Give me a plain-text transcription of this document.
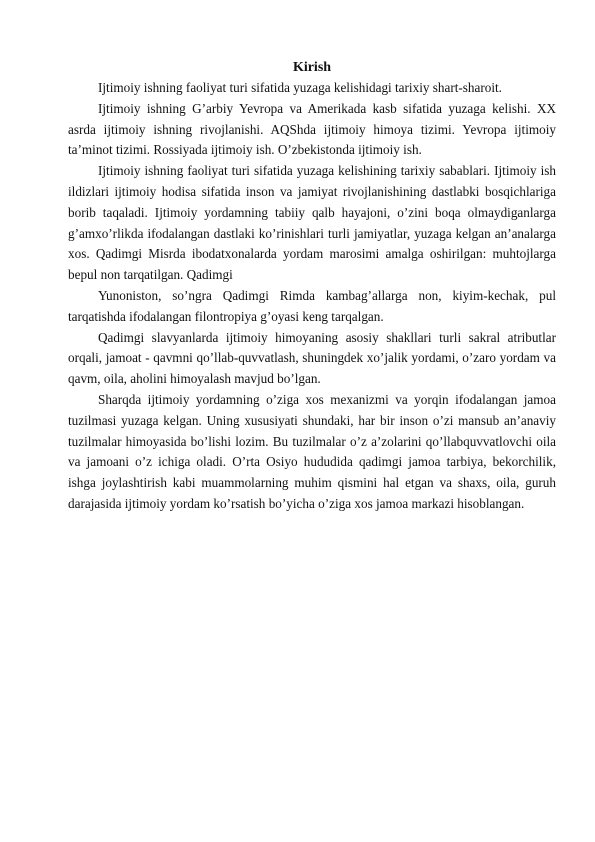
Kirish

Ijtimoiy ishning faoliyat turi sifatida yuzaga kelishidagi tarixiy shart-sharoit.

Ijtimoiy ishning G’arbiy Yevropa va Amerikada kasb sifatida yuzaga kelishi. XX asrda ijtimoiy ishning rivojlanishi. AQShda ijtimoiy himoya tizimi. Yevropa ijtimoiy ta’minot tizimi. Rossiyada ijtimoiy ish. O’zbekistonda ijtimoiy ish.

Ijtimoiy ishning faoliyat turi sifatida yuzaga kelishining tarixiy sabablari. Ijtimoiy ish ildizlari ijtimoiy hodisa sifatida inson va jamiyat rivojlanishining dastlabki bosqichlariga borib taqaladi. Ijtimoiy yordamning tabiiy qalb hayajoni, o’zini boqa olmaydiganlarga g’amxo’rlikda ifodalangan dastlaki ko’rinishlari turli jamiyatlar, yuzaga kelgan an’analarga xos. Qadimgi Misrda ibodatxonalarda yordam marosimi amalga oshirilgan: muhtojlarga bepul non tarqatilgan. Qadimgi

Yunoniston, so’ngra Qadimgi Rimda kambag’allarga non, kiyim-kechak, pul tarqatishda ifodalangan filontropiya g’oyasi keng tarqalgan.

Qadimgi slavyanlarda ijtimoiy himoyaning asosiy shakllari turli sakral atributlar orqali, jamoat - qavmni qo’llab-quvvatlash, shuningdek xo’jalik yordami, o’zaro yordam va qavm, oila, aholini himoyalash mavjud bo’lgan.

Sharqda ijtimoiy yordamning o’ziga xos mexanizmi va yorqin ifodalangan jamoa tuzilmasi yuzaga kelgan. Uning xususiyati shundaki, har bir inson o’zi mansub an’anaviy tuzilmalar himoyasida bo’lishi lozim. Bu tuzilmalar o’z a’zolarini qo’llabquvvatlovchi oila va jamoani o’z ichiga oladi. O’rta Osiyo hududida qadimgi jamoa tarbiya, bekorchilik, ishga joylashtirish kabi muammolarning muhim qismini hal etgan va shaxs, oila, guruh darajasida ijtimoiy yordam ko’rsatish bo’yicha o’ziga xos jamoa markazi hisoblangan.
